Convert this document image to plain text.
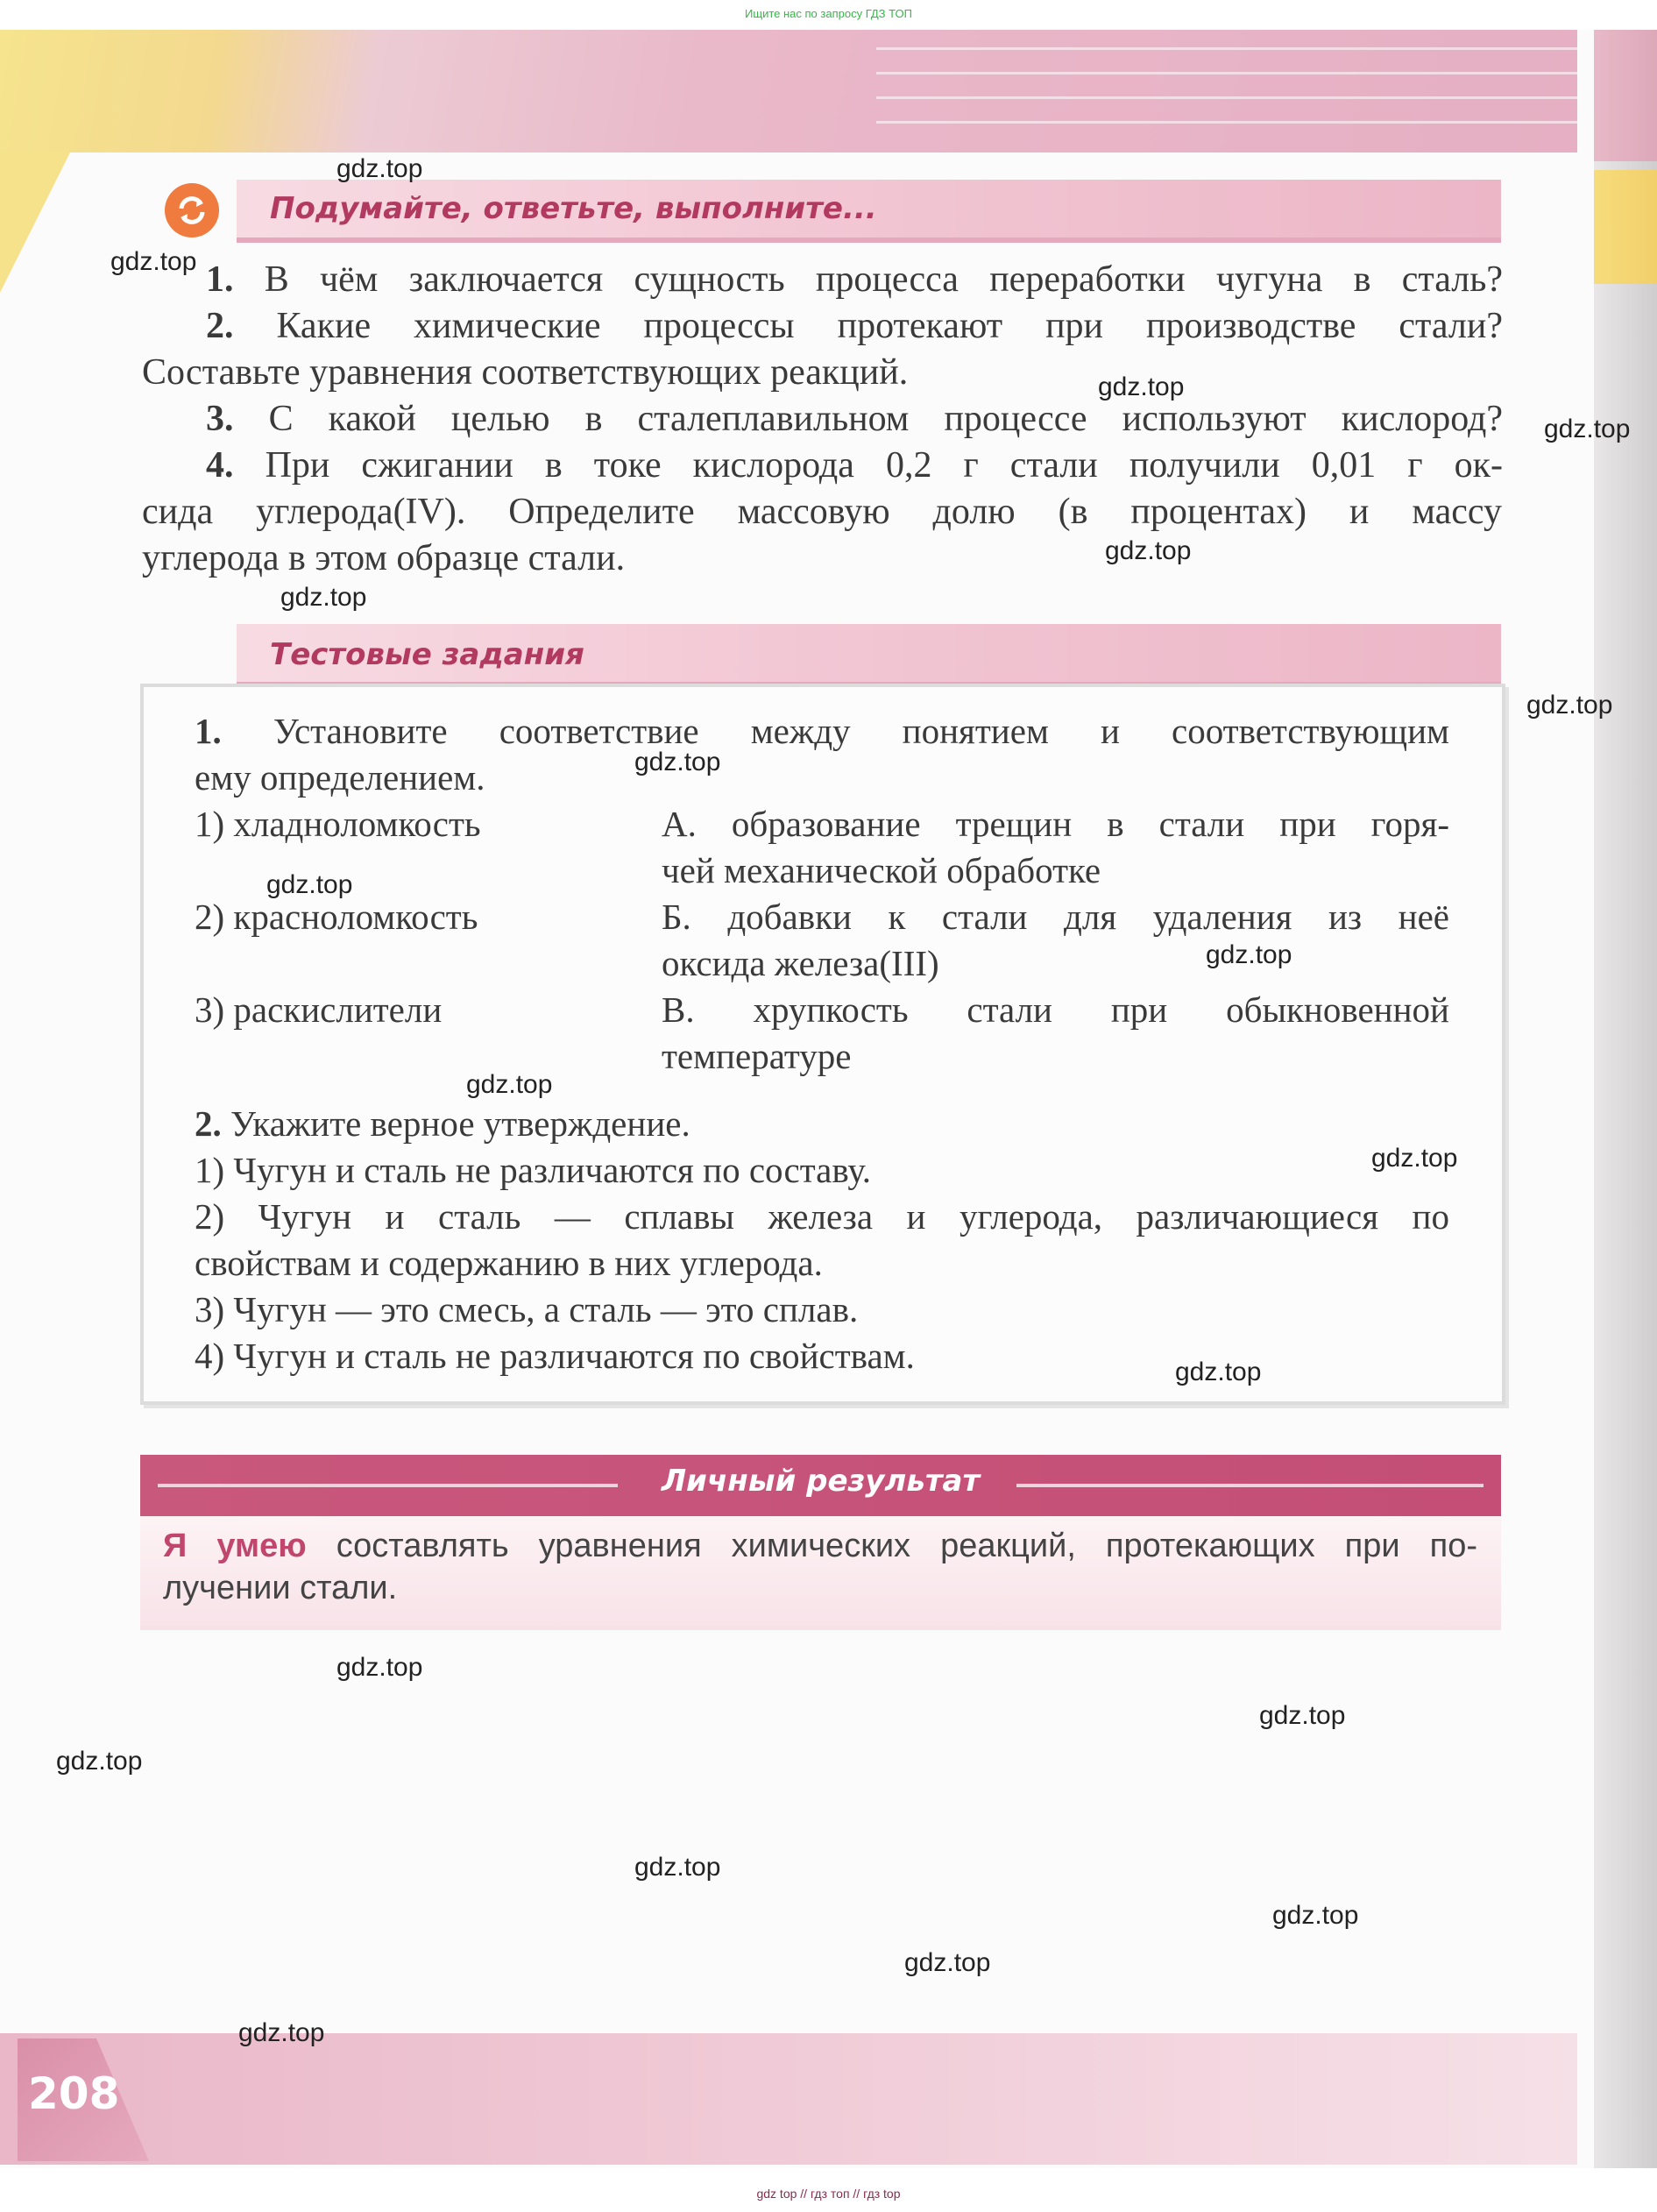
Ищите нас по запросу ГДЗ ТОП
Подумайте, ответьте, выполните...
1. В чём заключается сущность процесса переработки чугуна в сталь?
2. Какие химические процессы протекают при производстве стали?
Составьте уравнения соответствующих реакций.
3. С какой целью в сталеплавильном процессе используют кислород?
4. При сжигании в токе кислорода 0,2 г стали получили 0,01 г ок-
сида углерода(IV). Определите массовую долю (в процентах) и массу
углерода в этом образце стали.
Тестовые задания
1. Установите соответствие между понятием и соответствующим
ему определением.
1) хладноломкость	А. образование трещин в стали при горя-
чей механической обработке
2) красноломкость	Б. добавки к стали для удаления из неё
оксида железа(III)
3) раскислители	В. хрупкость стали при обыкновенной
температуре
2. Укажите верное утверждение.
1) Чугун и сталь не различаются по составу.
2) Чугун и сталь — сплавы железа и углерода, различающиеся по
свойствам и содержанию в них углерода.
3) Чугун — это смесь, а сталь — это сплав.
4) Чугун и сталь не различаются по свойствам.
Личный результат
Я умею составлять уравнения химических реакций, протекающих при по-
лучении стали.
208
gdz.top
gdz.top
gdz.top
gdz.top
gdz.top
gdz.top
gdz.top
gdz.top
gdz.top
gdz.top
gdz.top
gdz.top
gdz.top
gdz.top
gdz.top
gdz.top
gdz.top
gdz.top
gdz.top
gdz.top
gdz top // гдз топ // гдз top
